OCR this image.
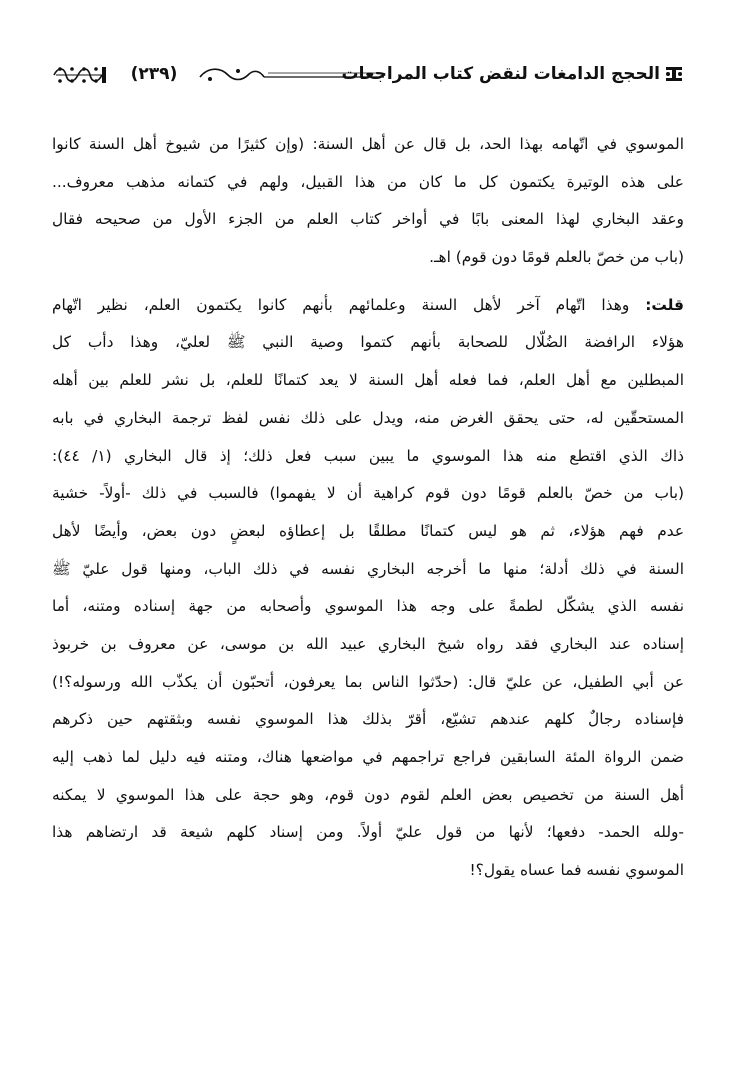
(٢٣٩)	الحجج الدامغات لنقض كتاب المراجعات
الموسوي في اتّهامه بهذا الحد، بل قال عن أهل السنة: (وإن كثيرًا من شيوخ أهل السنة كانوا
على هذه الوتيرة يكتمون كل ما كان من هذا القبيل، ولهم في كتمانه مذهب معروف...
وعقد البخاري لهذا المعنى بابًا في أواخر كتاب العلم من الجزء الأول من صحيحه فقال
(باب من خصّ بالعلم قومًا دون قوم) اهـ.
قلت: وهذا اتّهام آخر لأهل السنة وعلمائهم بأنهم كانوا يكتمون العلم، نظير اتّهام
هؤلاء الرافضة الضُلّال للصحابة بأنهم كتموا وصية النبي ﷺ لعليّ، وهذا دأب كل
المبطلين مع أهل العلم، فما فعله أهل السنة لا يعد كتمانًا للعلم، بل نشر للعلم بين أهله
المستحقّين له، حتى يحقق الغرض منه، ويدل على ذلك نفس لفظ ترجمة البخاري في بابه
ذاك الذي اقتطع منه هذا الموسوي ما يبين سبب فعل ذلك؛ إذ قال البخاري (١/ ٤٤):
(باب من خصّ بالعلم قومًا دون قوم كراهية أن لا يفهموا) فالسبب في ذلك -أولاً- خشية
عدم فهم هؤلاء، ثم هو ليس كتمانًا مطلقًا بل إعطاؤه لبعضٍ دون بعض، وأيضًا لأهل
السنة في ذلك أدلة؛ منها ما أخرجه البخاري نفسه في ذلك الباب، ومنها قول عليّ ﷺ
نفسه الذي يشكّل لطمةً على وجه هذا الموسوي وأصحابه من جهة إسناده ومتنه، أما
إسناده عند البخاري فقد رواه شيخ البخاري عبيد الله بن موسى، عن معروف بن خربوذ
عن أبي الطفيل، عن عليّ قال: (حدّثوا الناس بما يعرفون، أتحبّون أن يكذّب الله ورسوله؟!)
فإسناده رجالٌ كلهم عندهم تشيّع، أقرّ بذلك هذا الموسوي نفسه وبثقتهم حين ذكرهم
ضمن الرواة المئة السابقين فراجع تراجمهم في مواضعها هناك، ومتنه فيه دليل لما ذهب إليه
أهل السنة من تخصيص بعض العلم لقوم دون قوم، وهو حجة على هذا الموسوي لا يمكنه
-ولله الحمد- دفعها؛ لأنها من قول عليّ أولاً. ومن إسناد كلهم شيعة قد ارتضاهم هذا
الموسوي نفسه فما عساه يقول؟!
